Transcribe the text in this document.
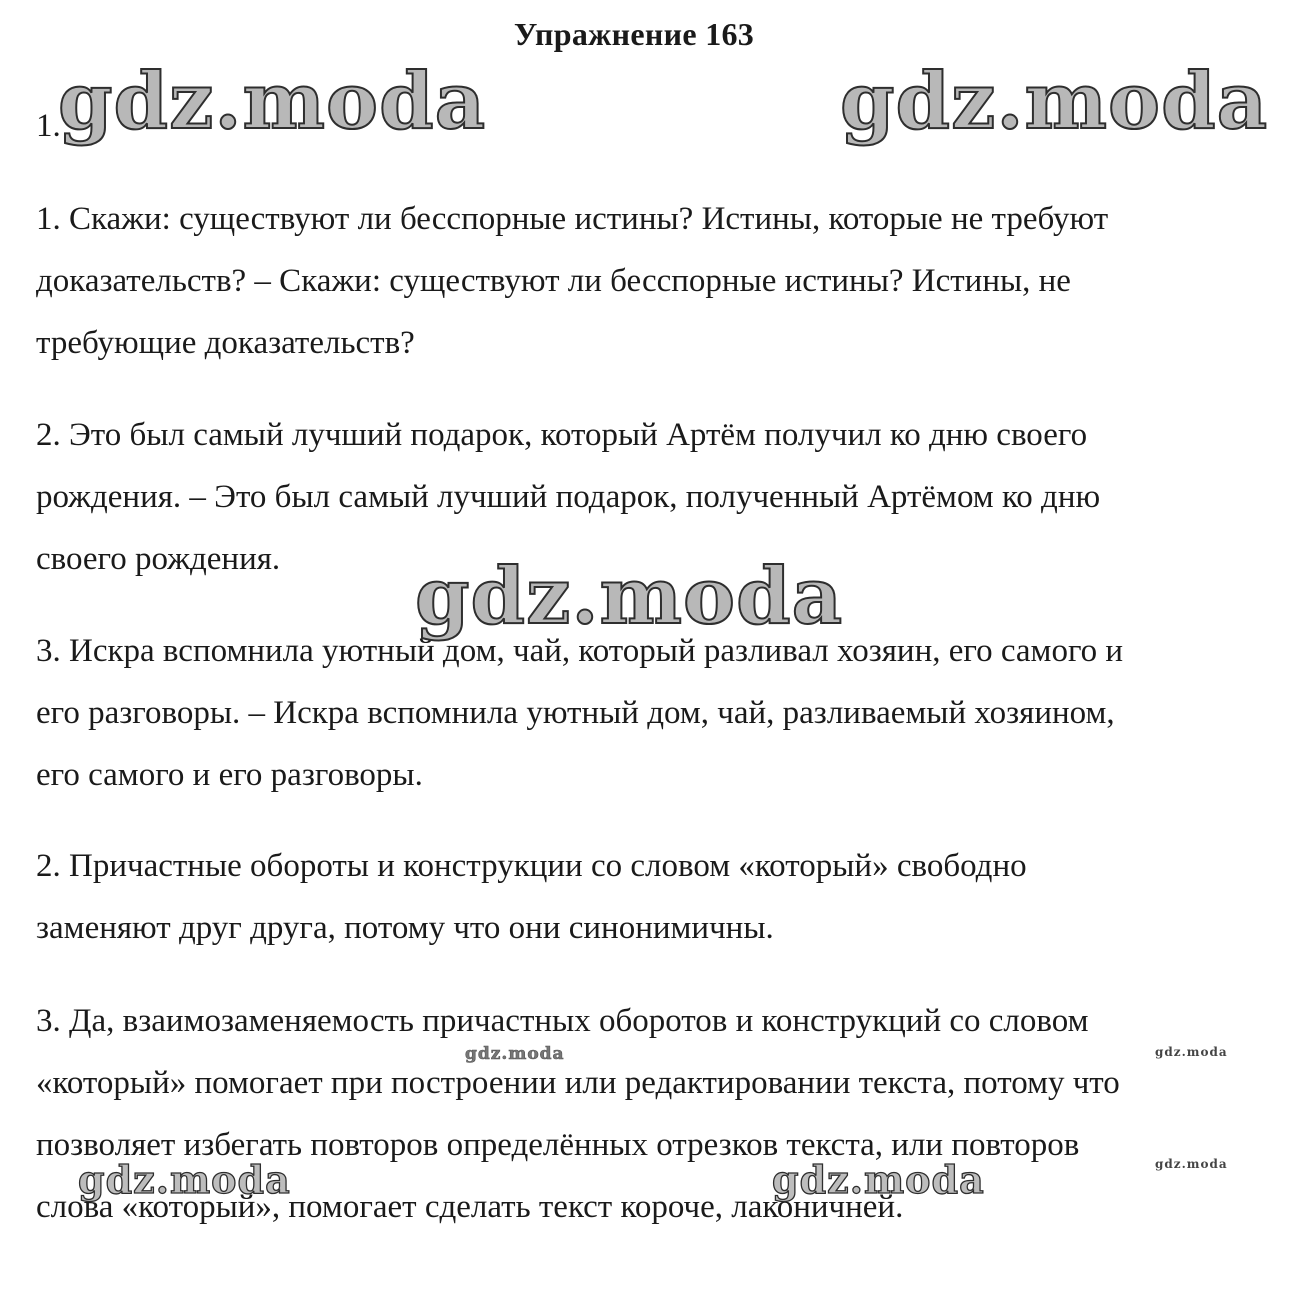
Упражнение 163
1.
1. Скажи: существуют ли бесспорные истины? Истины, которые не требуют
доказательств? – Скажи: существуют ли бесспорные истины? Истины, не
требующие доказательств?
2. Это был самый лучший подарок, который Артём получил ко дню своего
рождения. – Это был самый лучший подарок, полученный Артёмом ко дню
своего рождения.
3. Искра вспомнила уютный дом, чай, который разливал хозяин, его самого и
его разговоры. – Искра вспомнила уютный дом, чай, разливаемый хозяином,
его самого и его разговоры.
2. Причастные обороты и конструкции со словом «который» свободно
заменяют друг друга, потому что они синонимичны.
3. Да, взаимозаменяемость причастных оборотов и конструкций со словом
«который» помогает при построении или редактировании текста, потому что
позволяет избегать повторов определённых отрезков текста, или повторов
слова «который», помогает сделать текст короче, лаконичней.
gdz.moda	gdz.moda
gdz.moda
gdz.moda	gdz.moda
gdz.moda
gdz.moda	gdz.moda
